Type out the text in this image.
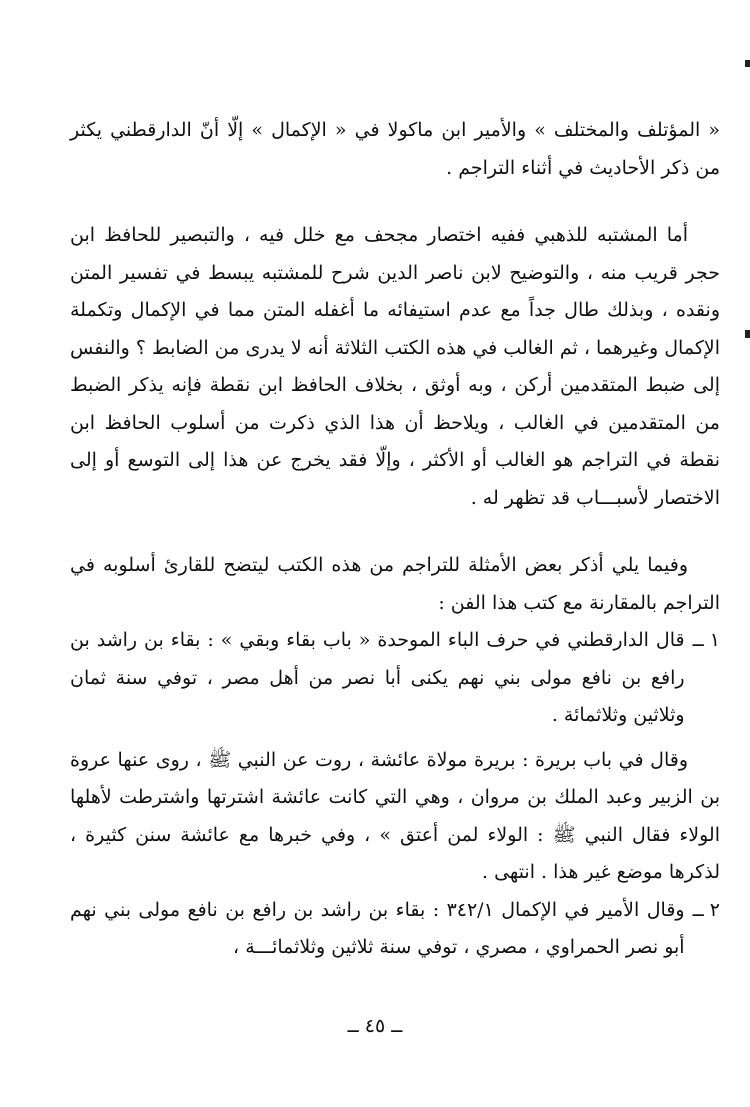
« المؤتلف والمختلف » والأمير ابن ماكولا في « الإكمال » إلّا أنّ الدارقطني يكثر من ذكر الأحاديث في أثناء التراجم .

أما المشتبه للذهبي ففيه اختصار مجحف مع خلل فيه ، والتبصير للحافظ ابن حجر قريب منه ، والتوضيح لابن ناصر الدين شرح للمشتبه يبسط في تفسير المتن ونقده ، وبذلك طال جداً مع عدم استيفائه ما أغفله المتن مما في الإكمال وتكملة الإكمال وغيرهما ، ثم الغالب في هذه الكتب الثلاثة أنه لا يدرى من الضابط ؟ والنفس إلى ضبط المتقدمين أركن ، وبه أوثق ، بخلاف الحافظ ابن نقطة فإنه يذكر الضبط من المتقدمين في الغالب ، ويلاحظ أن هذا الذي ذكرت من أسلوب الحافظ ابن نقطة في التراجم هو الغالب أو الأكثر ، وإلّا فقد يخرج عن هذا إلى التوسع أو إلى الاختصار لأسبـــاب قد تظهر له .

وفيما يلي أذكر بعض الأمثلة للتراجم من هذه الكتب ليتضح للقارئ أسلوبه في التراجم بالمقارنة مع كتب هذا الفن :

١ ــ
قال الدارقطني في حرف الباء الموحدة « باب بقاء وبقي » : بقاء بن راشد بن رافع بن نافع مولى بني نهم يكنى أبا نصر من أهل مصر ، توفي سنة ثمان وثلاثين وثلاثمائة .

وقال في باب بريرة : بريرة مولاة عائشة ، روت عن النبي ﷺ ، روى عنها عروة بن الزبير وعبد الملك بن مروان ، وهي التي كانت عائشة اشترتها واشترطت لأهلها الولاء فقال النبي ﷺ : الولاء لمن أعتق » ، وفي خبرها مع عائشة سنن كثيرة ، لذكرها موضع غير هذا . انتهى .

٢ ــ
وقال الأمير في الإكمال ٣٤٢/١ : بقاء بن راشد بن رافع بن نافع مولى بني نهم أبو نصر الحمراوي ، مصري ، توفي سنة ثلاثين وثلاثمائـــة ،
ــ ٤٥ ــ
